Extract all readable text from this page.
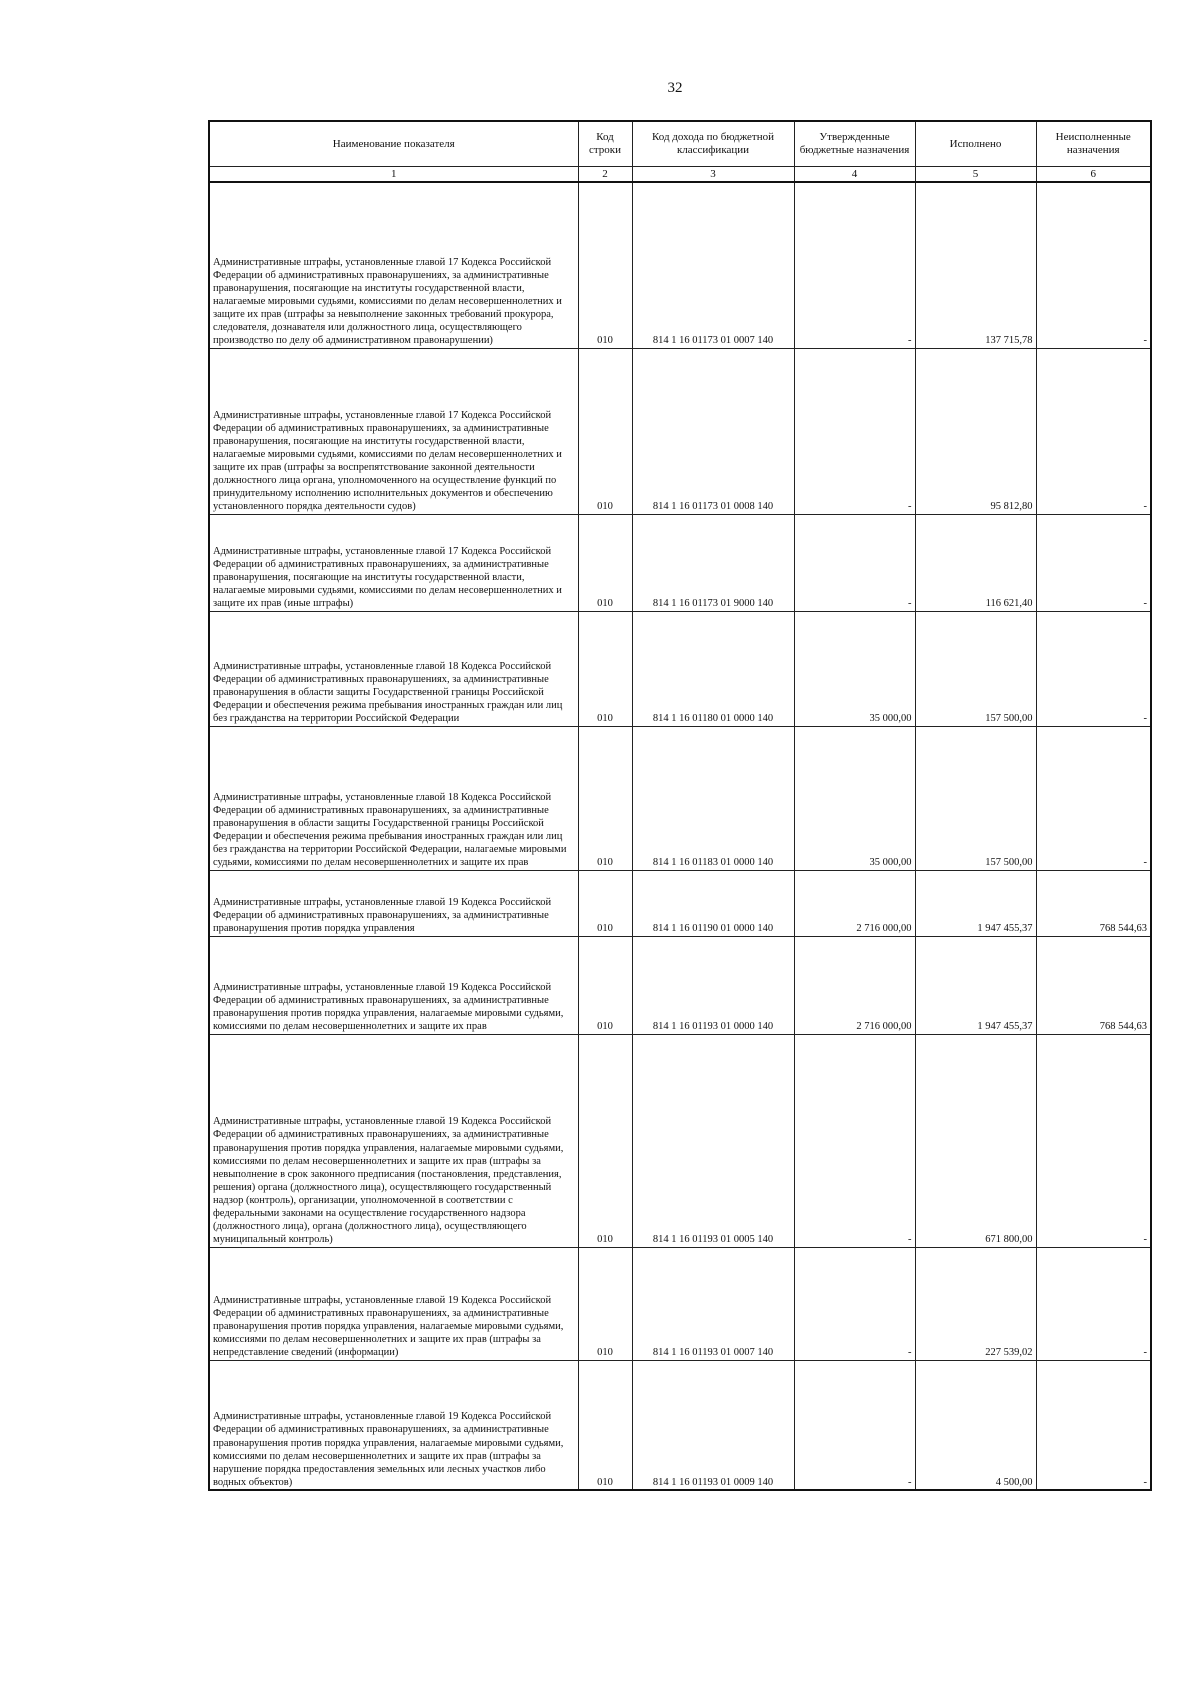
32
Наименование показателя	Код строки	Код дохода по бюджетной классификации	Утвержденные бюджетные назначения	Исполнено	Неисполненные назначения
1	2	3	4	5	6
Административные штрафы, установленные главой 17 Кодекса Российской Федерации об административных правонарушениях, за административные правонарушения, посягающие на институты государственной власти, налагаемые мировыми судьями, комиссиями по делам несовершеннолетних и защите их прав (штрафы за невыполнение законных требований прокурора, следователя, дознавателя или должностного лица, осуществляющего производство по делу об административном правонарушении)	010	814 1 16 01173 01 0007 140	-	137 715,78	-
Административные штрафы, установленные главой 17 Кодекса Российской Федерации об административных правонарушениях, за административные правонарушения, посягающие на институты государственной власти, налагаемые мировыми судьями, комиссиями по делам несовершеннолетних и защите их прав (штрафы за воспрепятствование законной деятельности должностного лица органа, уполномоченного на осуществление функций по принудительному исполнению исполнительных документов и обеспечению установленного порядка деятельности судов)	010	814 1 16 01173 01 0008 140	-	95 812,80	-
Административные штрафы, установленные главой 17 Кодекса Российской Федерации об административных правонарушениях, за административные правонарушения, посягающие на институты государственной власти, налагаемые мировыми судьями, комиссиями по делам несовершеннолетних и защите их прав (иные штрафы)	010	814 1 16 01173 01 9000 140	-	116 621,40	-
Административные штрафы, установленные главой 18 Кодекса Российской Федерации об административных правонарушениях, за административные правонарушения в области защиты Государственной границы Российской Федерации и обеспечения режима пребывания иностранных граждан или лиц без гражданства на территории Российской Федерации	010	814 1 16 01180 01 0000 140	35 000,00	157 500,00	-
Административные штрафы, установленные главой 18 Кодекса Российской Федерации об административных правонарушениях, за административные правонарушения в области защиты Государственной границы Российской Федерации и обеспечения режима пребывания иностранных граждан или лиц без гражданства на территории Российской Федерации, налагаемые мировыми судьями, комиссиями по делам несовершеннолетних и защите их прав	010	814 1 16 01183 01 0000 140	35 000,00	157 500,00	-
Административные штрафы, установленные главой 19 Кодекса Российской Федерации об административных правонарушениях, за административные правонарушения против порядка управления	010	814 1 16 01190 01 0000 140	2 716 000,00	1 947 455,37	768 544,63
Административные штрафы, установленные главой 19 Кодекса Российской Федерации об административных правонарушениях, за административные правонарушения против порядка управления, налагаемые мировыми судьями, комиссиями по делам несовершеннолетних и защите их прав	010	814 1 16 01193 01 0000 140	2 716 000,00	1 947 455,37	768 544,63
Административные штрафы, установленные главой 19 Кодекса Российской Федерации об административных правонарушениях, за административные правонарушения против порядка управления, налагаемые мировыми судьями, комиссиями по делам несовершеннолетних и защите их прав (штрафы за невыполнение в срок законного предписания (постановления, представления, решения) органа (должностного лица), осуществляющего государственный надзор (контроль), организации, уполномоченной в соответствии с федеральными законами на осуществление государственного надзора (должностного лица), органа (должностного лица), осуществляющего муниципальный контроль)	010	814 1 16 01193 01 0005 140	-	671 800,00	-
Административные штрафы, установленные главой 19 Кодекса Российской Федерации об административных правонарушениях, за административные правонарушения против порядка управления, налагаемые мировыми судьями, комиссиями по делам несовершеннолетних и защите их прав (штрафы за непредставление сведений (информации)	010	814 1 16 01193 01 0007 140	-	227 539,02	-
Административные штрафы, установленные главой 19 Кодекса Российской Федерации об административных правонарушениях, за административные правонарушения против порядка управления, налагаемые мировыми судьями, комиссиями по делам несовершеннолетних и защите их прав (штрафы за нарушение порядка предоставления земельных или лесных участков либо водных объектов)	010	814 1 16 01193 01 0009 140	-	4 500,00	-
